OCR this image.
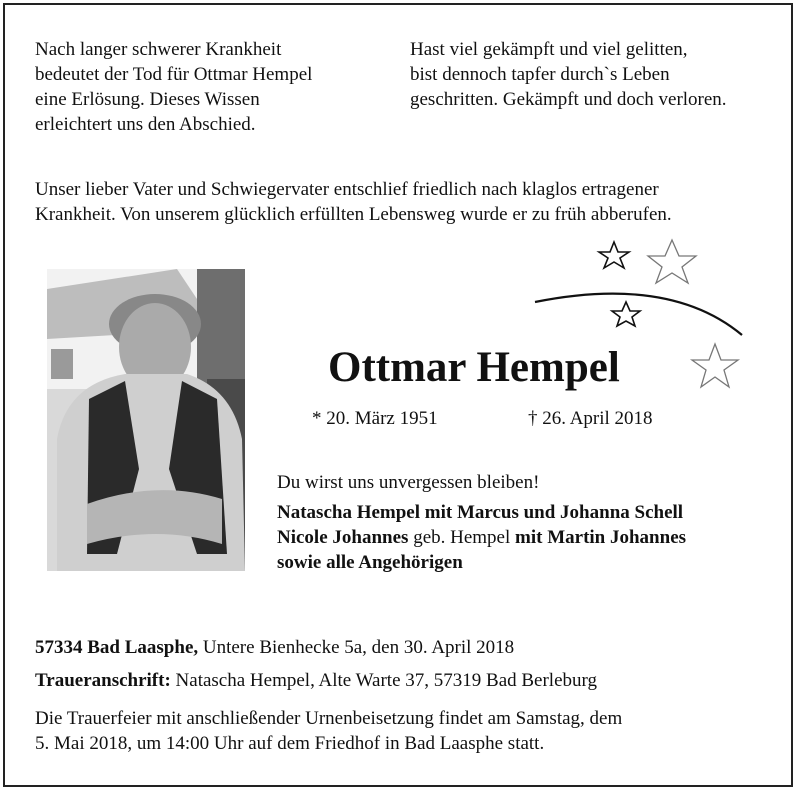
Nach langer schwerer Krankheit
bedeutet der Tod für Ottmar Hempel
eine Erlösung. Dieses Wissen
erleichtert uns den Abschied.
Hast viel gekämpft und viel gelitten,
bist dennoch tapfer durch`s Leben
geschritten. Gekämpft und doch verloren.
Unser lieber Vater und Schwiegervater entschlief friedlich nach klaglos ertragener
Krankheit. Von unserem glücklich erfüllten Lebensweg wurde er zu früh abberufen.
Ottmar Hempel
* 20. März 1951	† 26. April 2018
Du wirst uns unvergessen bleiben!
Natascha Hempel mit Marcus und Johanna Schell
Nicole Johannes geb. Hempel mit Martin Johannes
sowie alle Angehörigen
57334 Bad Laasphe, Untere Bienhecke 5a, den 30. April 2018
Traueranschrift: Natascha Hempel, Alte Warte 37, 57319 Bad Berleburg
Die Trauerfeier mit anschließender Urnenbeisetzung findet am Samstag, dem
5. Mai 2018, um 14:00 Uhr auf dem Friedhof in Bad Laasphe statt.
